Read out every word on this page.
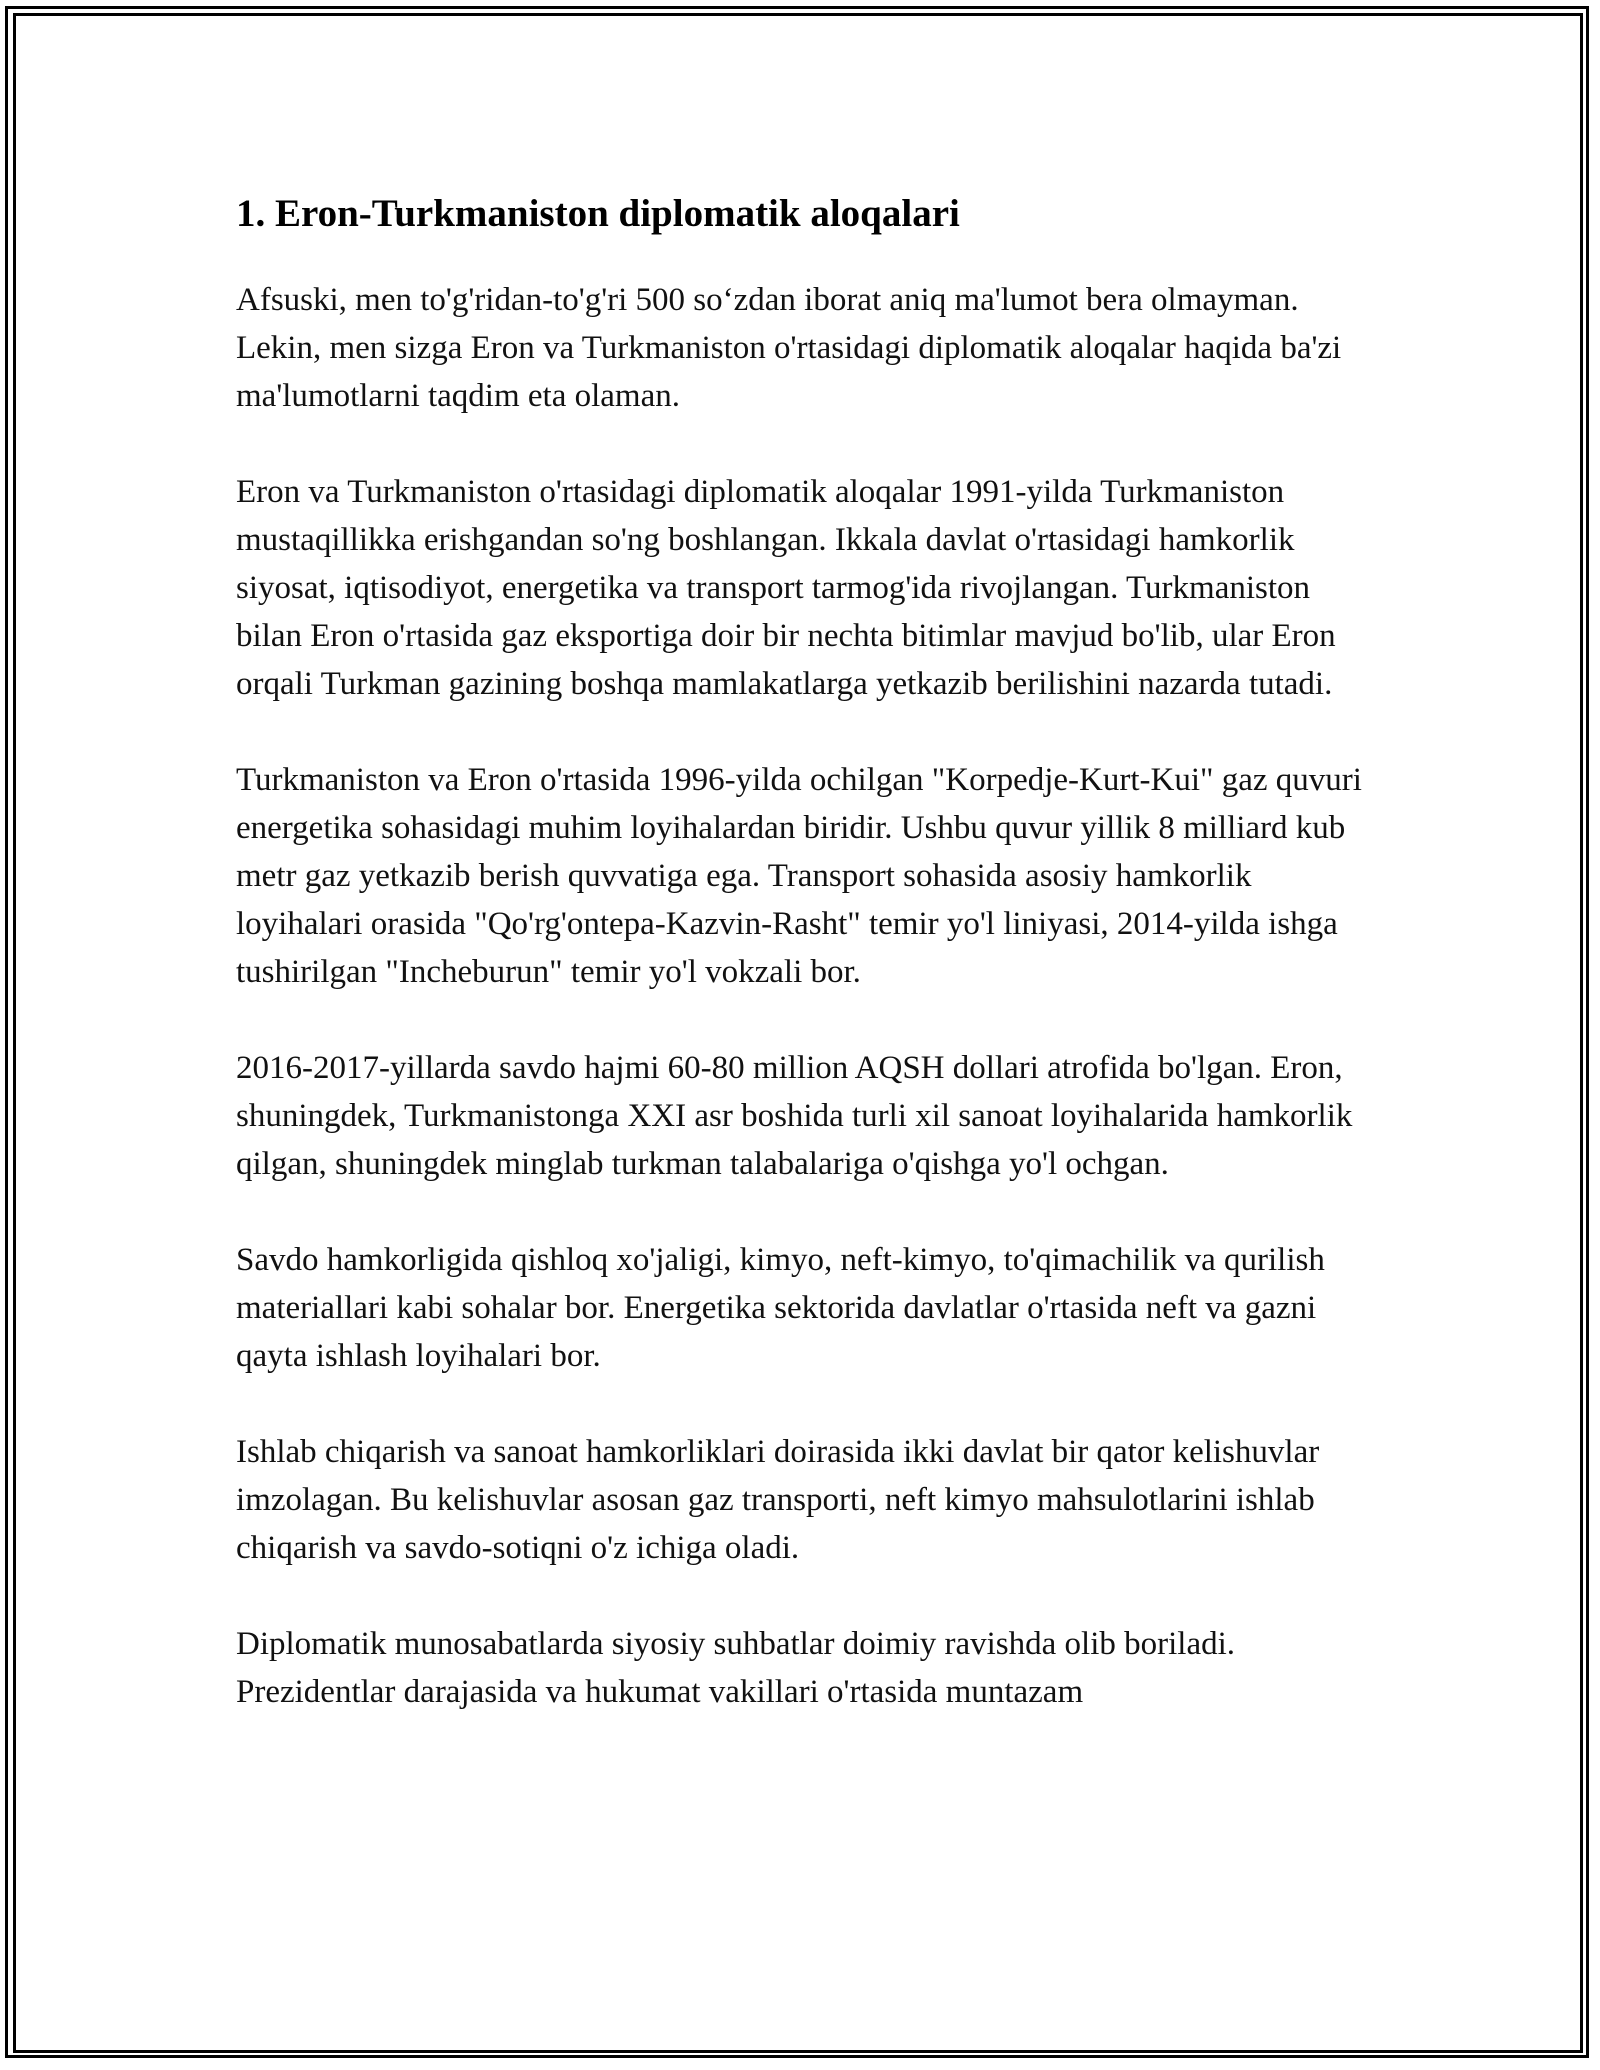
1. Eron-Turkmaniston diplomatik aloqalari

Afsuski, men to'g'ridan-to'g'ri 500 so‘zdan iborat aniq ma'lumot bera olmayman. Lekin, men sizga Eron va Turkmaniston o'rtasidagi diplomatik aloqalar haqida ba'zi ma'lumotlarni taqdim eta olaman.

Eron va Turkmaniston o'rtasidagi diplomatik aloqalar 1991-yilda Turkmaniston mustaqillikka erishgandan so'ng boshlangan. Ikkala davlat o'rtasidagi hamkorlik siyosat, iqtisodiyot, energetika va transport tarmog'ida rivojlangan. Turkmaniston bilan Eron o'rtasida gaz eksportiga doir bir nechta bitimlar mavjud bo'lib, ular Eron orqali Turkman gazining boshqa mamlakatlarga yetkazib berilishini nazarda tutadi.

Turkmaniston va Eron o'rtasida 1996-yilda ochilgan "Korpedje-Kurt-Kui" gaz quvuri energetika sohasidagi muhim loyihalardan biridir. Ushbu quvur yillik 8 milliard kub metr gaz yetkazib berish quvvatiga ega. Transport sohasida asosiy hamkorlik loyihalari orasida "Qo'rg'ontepa-Kazvin-Rasht" temir yo'l liniyasi, 2014-yilda ishga tushirilgan "Incheburun" temir yo'l vokzali bor.

2016-2017-yillarda savdo hajmi 60-80 million AQSH dollari atrofida bo'lgan. Eron, shuningdek, Turkmanistonga XXI asr boshida turli xil sanoat loyihalarida hamkorlik qilgan, shuningdek minglab turkman talabalariga o'qishga yo'l ochgan.

Savdo hamkorligida qishloq xo'jaligi, kimyo, neft-kimyo, to'qimachilik va qurilish materiallari kabi sohalar bor. Energetika sektorida davlatlar o'rtasida neft va gazni qayta ishlash loyihalari bor.

Ishlab chiqarish va sanoat hamkorliklari doirasida ikki davlat bir qator kelishuvlar imzolagan. Bu kelishuvlar asosan gaz transporti, neft kimyo mahsulotlarini ishlab chiqarish va savdo-sotiqni o'z ichiga oladi.

Diplomatik munosabatlarda siyosiy suhbatlar doimiy ravishda olib boriladi. Prezidentlar darajasida va hukumat vakillari o'rtasida muntazam
